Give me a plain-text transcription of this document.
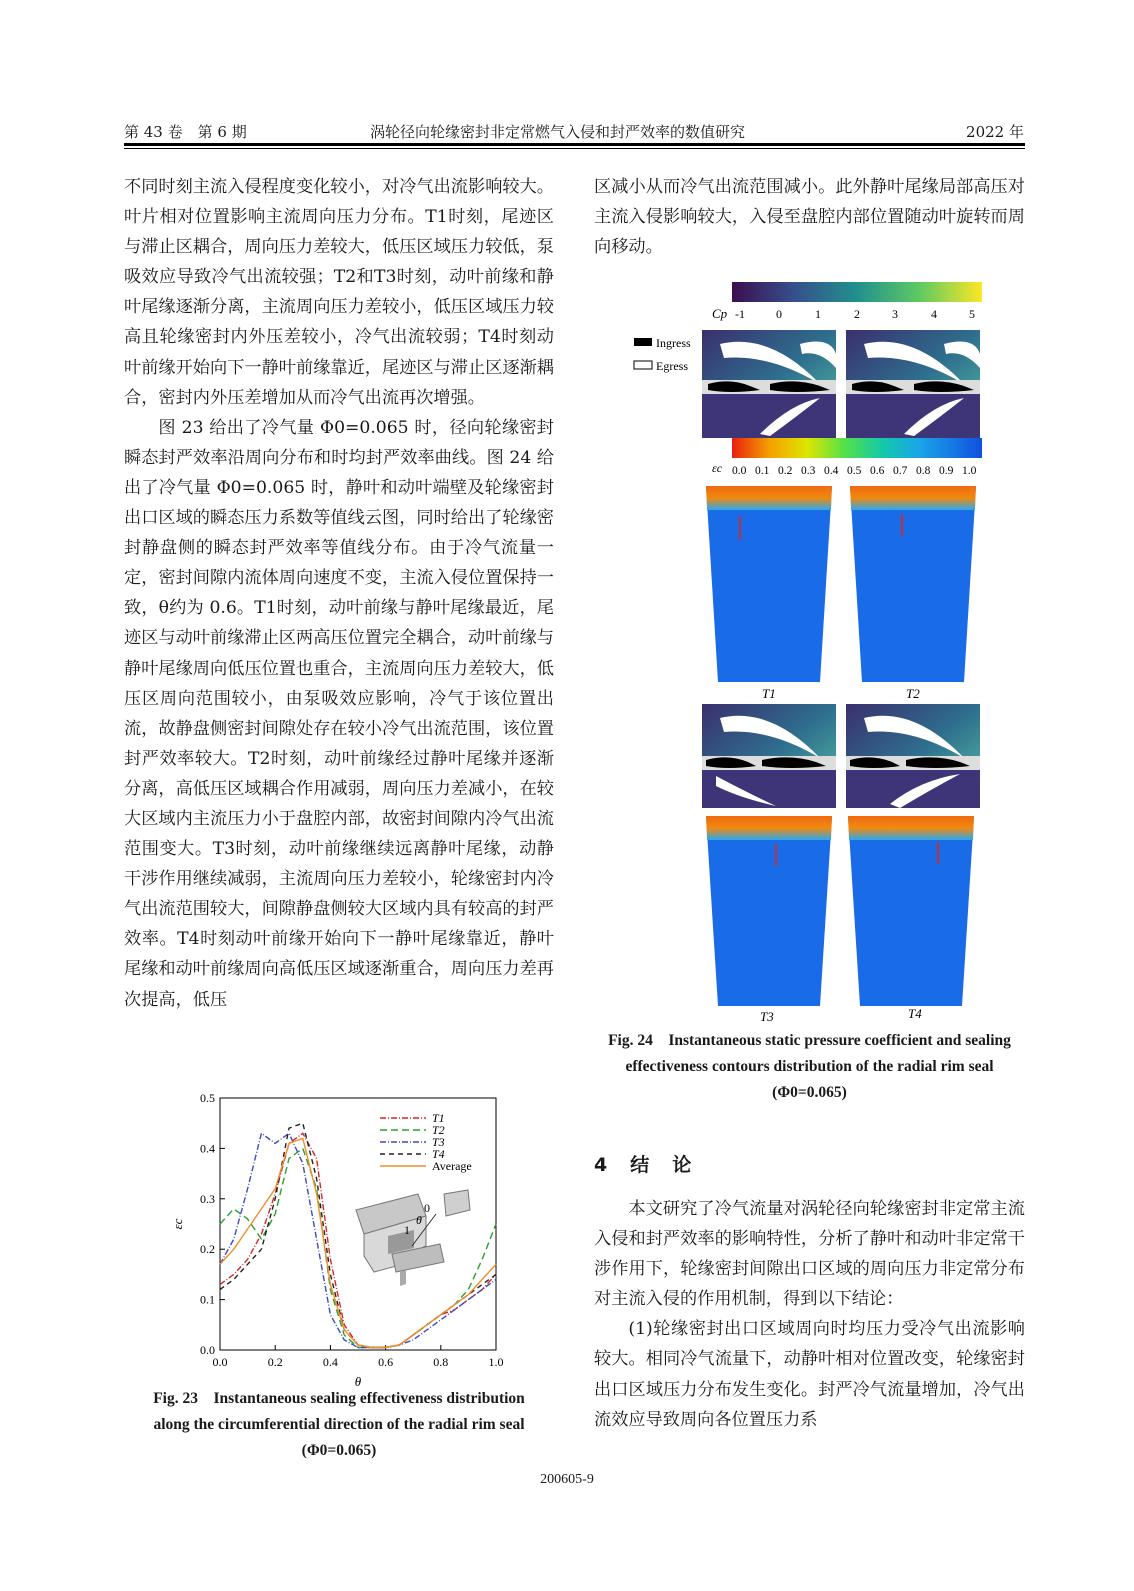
第 43 卷　第 6 期	涡轮径向轮缘密封非定常燃气入侵和封严效率的数值研究	2022 年

不同时刻主流入侵程度变化较小，对冷气出流影响较大。叶片相对位置影响主流周向压力分布。T1时刻，尾迹区与滞止区耦合，周向压力差较大，低压区域压力较低，泵吸效应导致冷气出流较强；T2和T3时刻，动叶前缘和静叶尾缘逐渐分离，主流周向压力差较小，低压区域压力较高且轮缘密封内外压差较小，冷气出流较弱；T4时刻动叶前缘开始向下一静叶前缘靠近，尾迹区与滞止区逐渐耦合，密封内外压差增加从而冷气出流再次增强。

图 23 给出了冷气量 Φ0=0.065 时，径向轮缘密封瞬态封严效率沿周向分布和时均封严效率曲线。图 24 给出了冷气量 Φ0=0.065 时，静叶和动叶端壁及轮缘密封出口区域的瞬态压力系数等值线云图，同时给出了轮缘密封静盘侧的瞬态封严效率等值线分布。由于冷气流量一定，密封间隙内流体周向速度不变，主流入侵位置保持一致，θ约为 0.6。T1时刻，动叶前缘与静叶尾缘最近，尾迹区与动叶前缘滞止区两高压位置完全耦合，动叶前缘与静叶尾缘周向低压位置也重合，主流周向压力差较大，低压区周向范围较小，由泵吸效应影响，冷气于该位置出流，故静盘侧密封间隙处存在较小冷气出流范围，该位置封严效率较大。T2时刻，动叶前缘经过静叶尾缘并逐渐分离，高低压区域耦合作用减弱，周向压力差减小，在较大区域内主流压力小于盘腔内部，故密封间隙内冷气出流范围变大。T3时刻，动叶前缘继续远离静叶尾缘，动静干涉作用继续减弱，主流周向压力差较小，轮缘密封内冷气出流范围较大，间隙静盘侧较大区域内具有较高的封严效率。T4时刻动叶前缘开始向下一静叶尾缘靠近，静叶尾缘和动叶前缘周向高低压区域逐渐重合，周向压力差再次提高，低压

区减小从而冷气出流范围减小。此外静叶尾缘局部高压对主流入侵影响较大，入侵至盘腔内部位置随动叶旋转而周向移动。

Cp -1	0	1	2	3	4	5
Ingress
Egress
εc 0.0 0.1 0.2 0.3 0.4 0.5 0.6 0.7 0.8 0.9 1.0
T1	T2
T3	T4
Fig. 24　Instantaneous static pressure coefficient and sealing
effectiveness contours distribution of the radial rim seal
(Φ0=0.065)
4  结　论

本文研究了冷气流量对涡轮径向轮缘密封非定常主流入侵和封严效率的影响特性，分析了静叶和动叶非定常干涉作用下，轮缘密封间隙出口区域的周向压力非定常分布对主流入侵的作用机制，得到以下结论：

(1)轮缘密封出口区域周向时均压力受冷气出流影响较大。相同冷气流量下，动静叶相对位置改变，轮缘密封出口区域压力分布发生变化。封严冷气流量增加，冷气出流效应导致周向各位置压力系

0.0
0.1
0.2
0.3
0.4
0.5
0.0	0.2	0.4	0.6	0.8	1.0
θ
εc
0
1
θ
T1
T2
T3
T4
Average
Fig. 23　Instantaneous sealing effectiveness distribution
along the circumferential direction of the radial rim seal
(Φ0=0.065)
200605-9
